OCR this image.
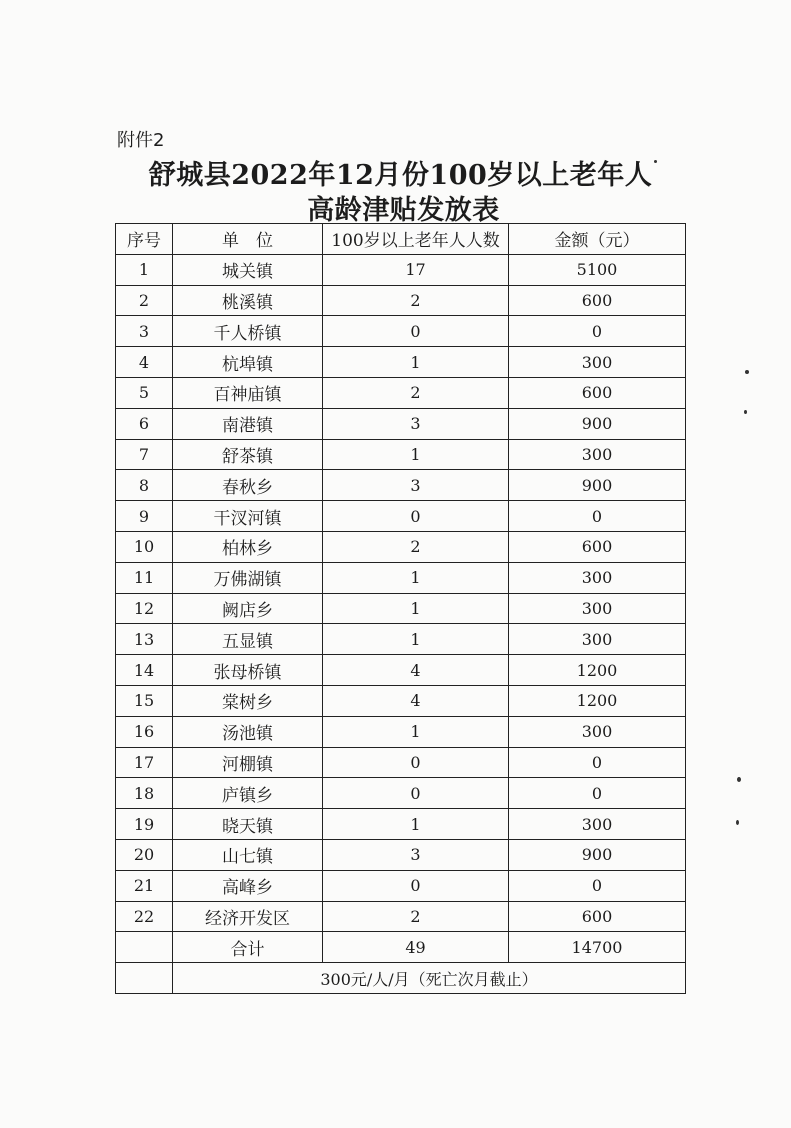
附件2
舒城县2022年12月份100岁以上老年人
高龄津贴发放表
序号	单　位	100岁以上老年人人数	金额（元）
1	城关镇	17	5100
2	桃溪镇	2	600
3	千人桥镇	0	0
4	杭埠镇	1	300
5	百神庙镇	2	600
6	南港镇	3	900
7	舒茶镇	1	300
8	春秋乡	3	900
9	干汊河镇	0	0
10	柏林乡	2	600
11	万佛湖镇	1	300
12	阙店乡	1	300
13	五显镇	1	300
14	张母桥镇	4	1200
15	棠树乡	4	1200
16	汤池镇	1	300
17	河棚镇	0	0
18	庐镇乡	0	0
19	晓天镇	1	300
20	山七镇	3	900
21	高峰乡	0	0
22	经济开发区	2	600
	合计	49	14700
	300元/人/月（死亡次月截止）		
